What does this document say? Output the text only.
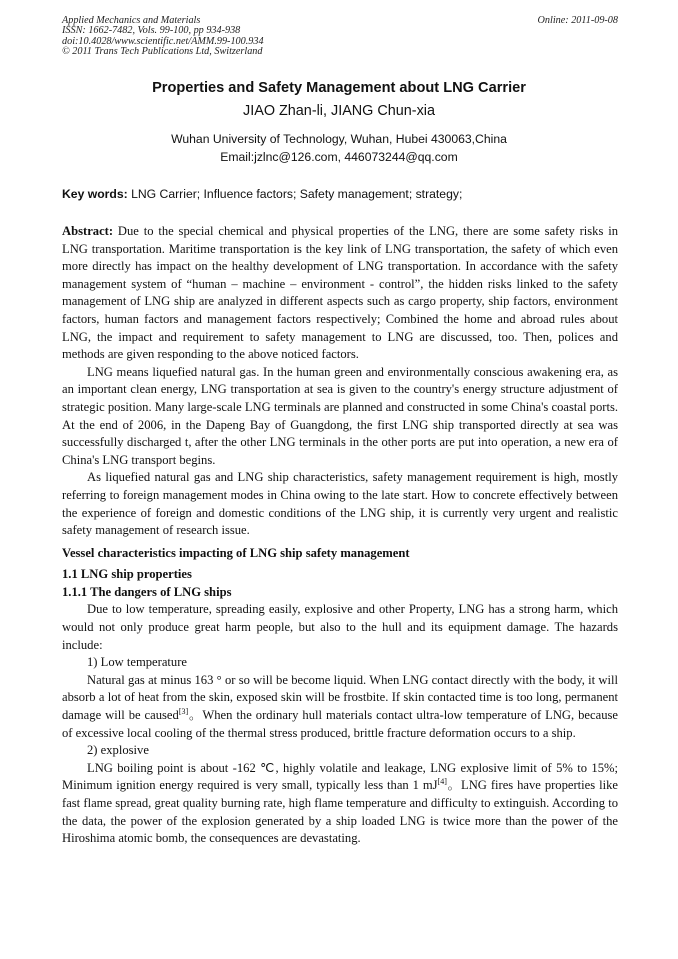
Applied Mechanics and Materials
ISSN: 1662-7482, Vols. 99-100, pp 934-938
doi:10.4028/www.scientific.net/AMM.99-100.934
© 2011 Trans Tech Publications Ltd, Switzerland
Online: 2011-09-08
Properties and Safety Management about LNG Carrier
JIAO Zhan-li, JIANG Chun-xia
Wuhan University of Technology, Wuhan, Hubei 430063,China
Email:jzlnc@126.com, 446073244@qq.com
Key words: LNG Carrier; Influence factors; Safety management; strategy;

Abstract: Due to the special chemical and physical properties of the LNG, there are some safety risks in LNG transportation. Maritime transportation is the key link of LNG transportation, the safety of which even more directly has impact on the healthy development of LNG transportation. In accordance with the safety management system of “human – machine – environment - control”, the hidden risks linked to the safety management of LNG ship are analyzed in different aspects such as cargo property, ship factors, environment factors, human factors and management factors respectively; Combined the home and abroad rules about LNG, the impact and requirement to safety management to LNG are discussed, too. Then, polices and methods are given responding to the above noticed factors.

LNG means liquefied natural gas. In the human green and environmentally conscious awakening era, as an important clean energy, LNG transportation at sea is given to the country's energy structure adjustment of strategic position. Many large-scale LNG terminals are planned and constructed in some China's coastal ports. At the end of 2006, in the Dapeng Bay of Guangdong, the first LNG ship transported directly at sea was successfully discharged t, after the other LNG terminals in the other ports are put into operation, a new era of China's LNG transport begins.

As liquefied natural gas and LNG ship characteristics, safety management requirement is high, mostly referring to foreign management modes in China owing to the late start. How to concrete effectively between the experience of foreign and domestic conditions of the LNG ship, it is currently very urgent and realistic safety management of research issue.

Vessel characteristics impacting of LNG ship safety management

1.1 LNG ship properties

1.1.1 The dangers of LNG ships

Due to low temperature, spreading easily, explosive and other Property, LNG has a strong harm, which would not only produce great harm people, but also to the hull and its equipment damage. The hazards include:

1) Low temperature

Natural gas at minus 163 ° or so will be become liquid. When LNG contact directly with the body, it will absorb a lot of heat from the skin, exposed skin will be frostbite. If skin contacted time is too long, permanent damage will be caused[3]。When the ordinary hull materials contact ultra-low temperature of LNG, because of excessive local cooling of the thermal stress produced, brittle fracture deformation occurs to a ship.

2) explosive

LNG boiling point is about -162 ℃, highly volatile and leakage, LNG explosive limit of 5% to 15%; Minimum ignition energy required is very small, typically less than 1 mJ[4]。LNG fires have properties like fast flame spread, great quality burning rate, high flame temperature and difficulty to extinguish. According to the data, the power of the explosion generated by a ship loaded LNG is twice more than the power of the Hiroshima atomic bomb, the consequences are devastating.
